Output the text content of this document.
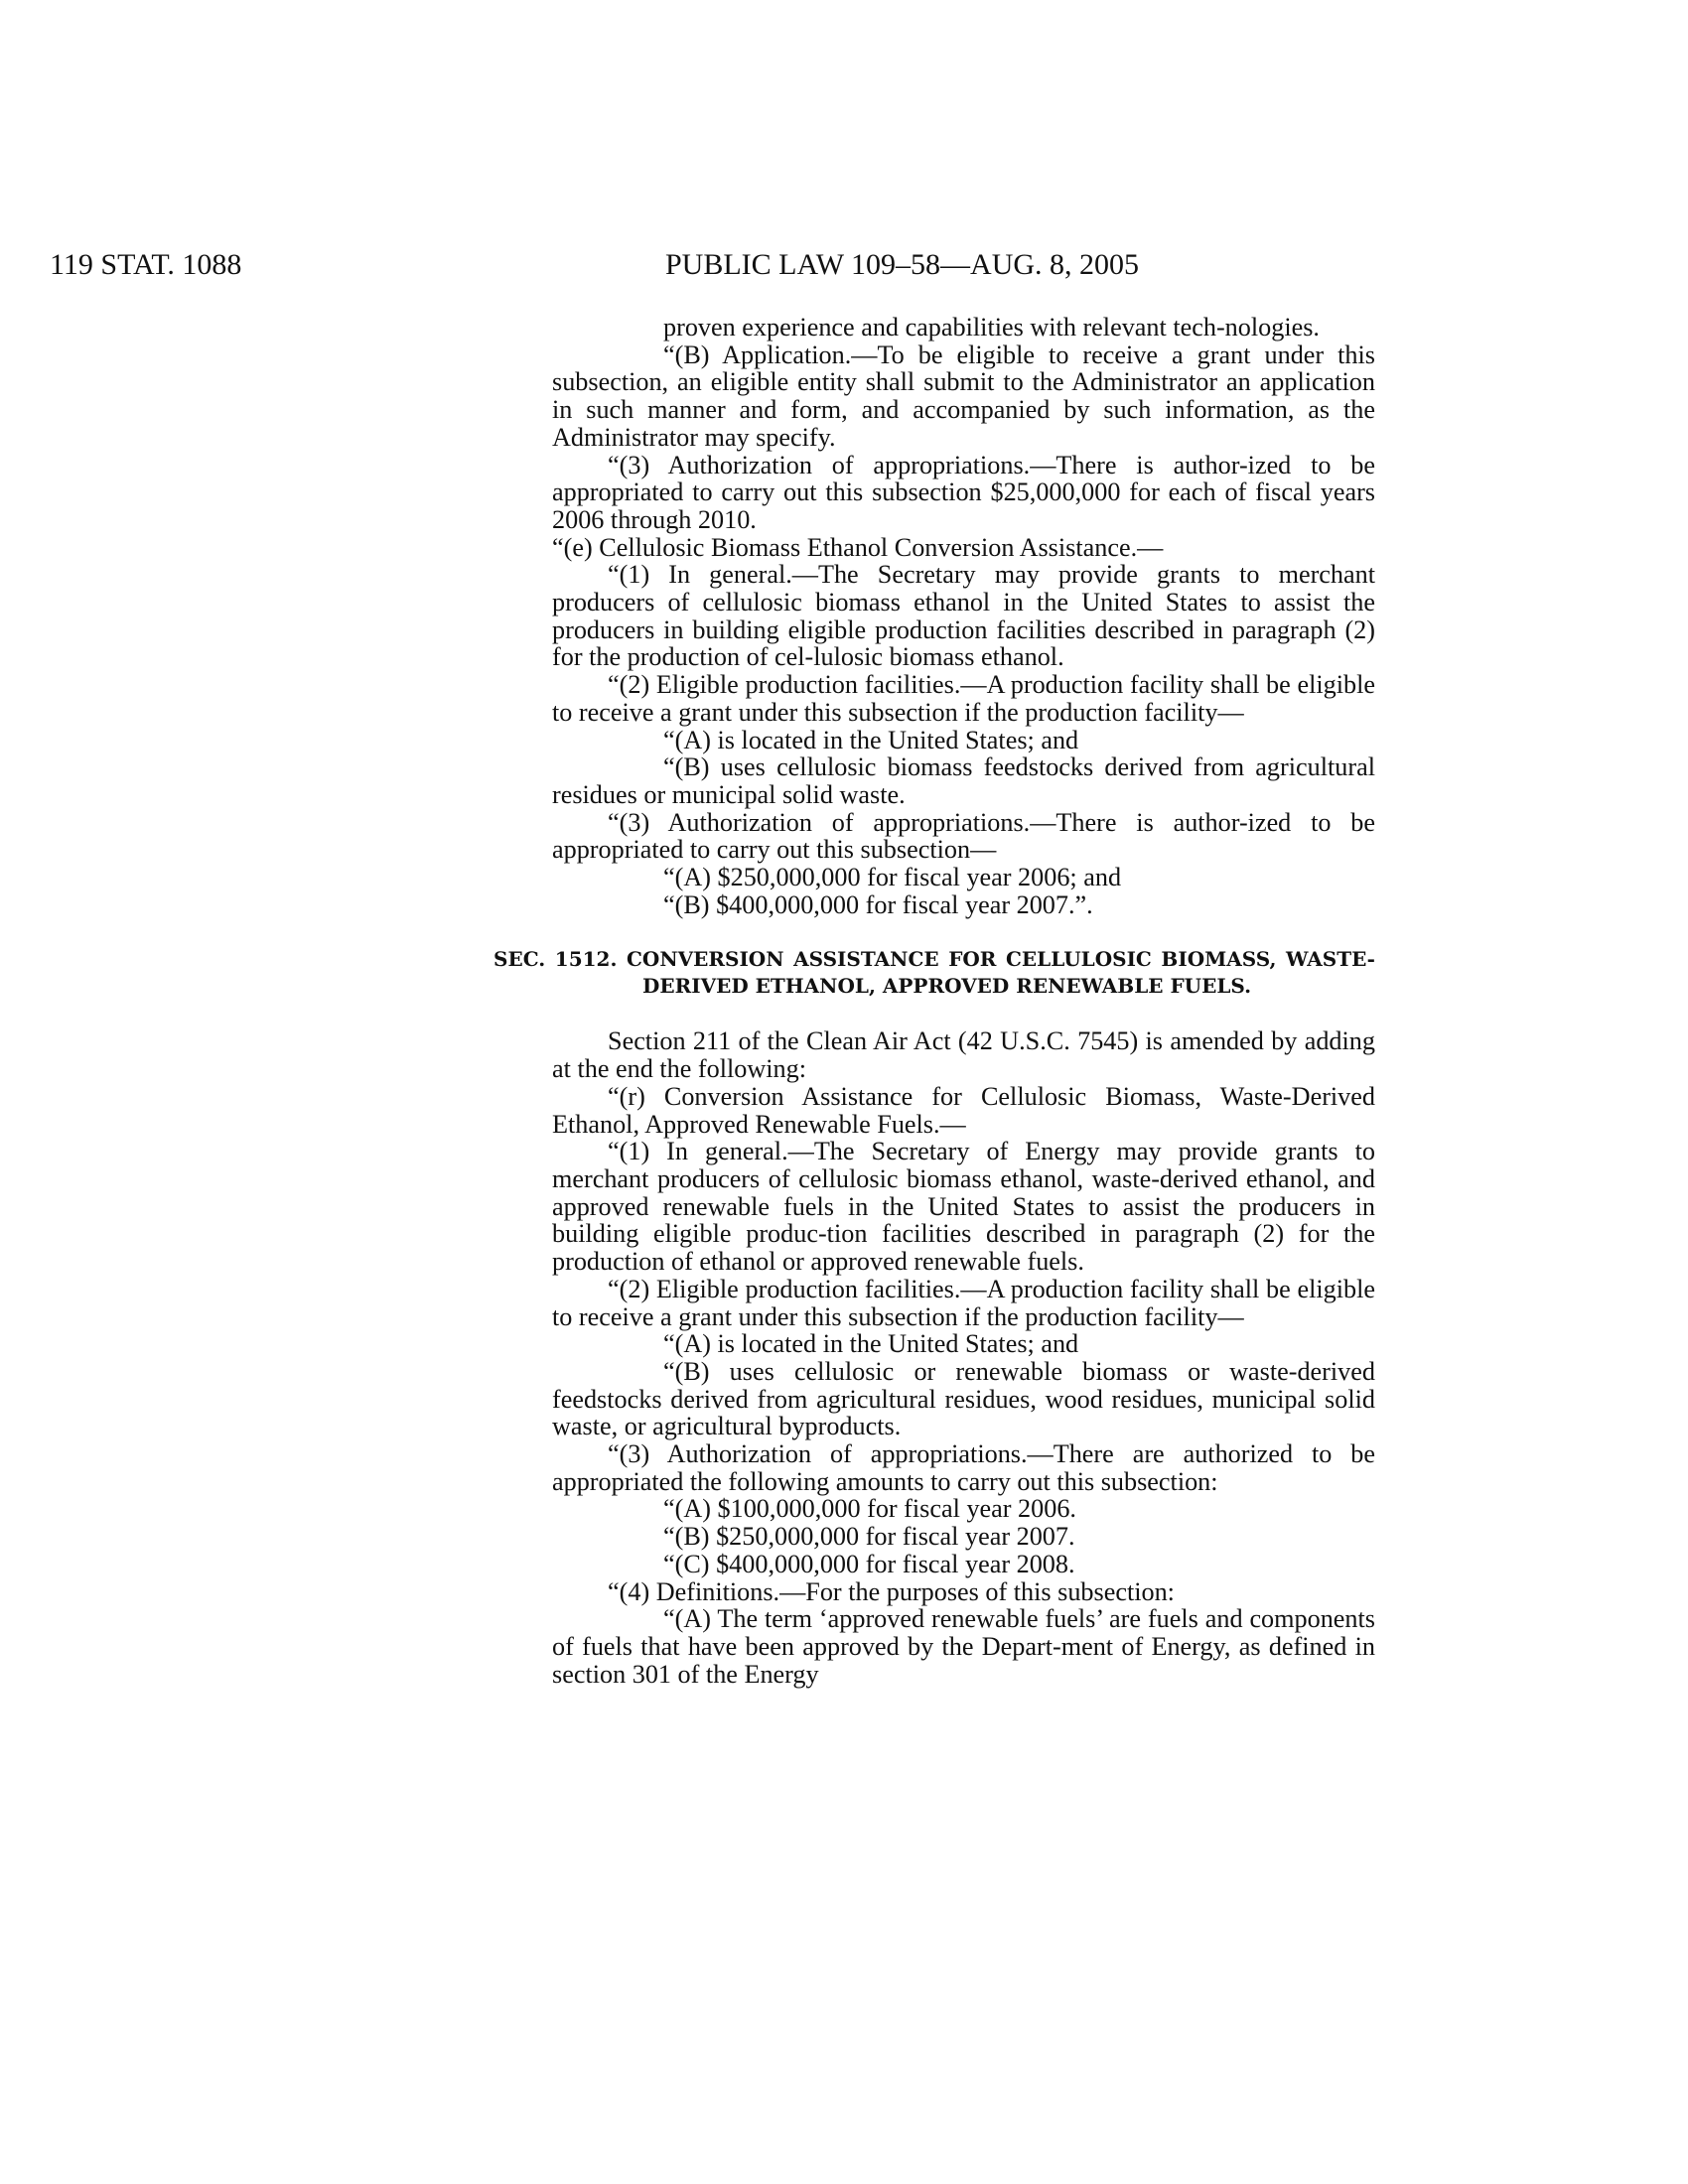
119 STAT. 1088	PUBLIC LAW 109–58—AUG. 8, 2005

proven experience and capabilities with relevant tech-nologies.

“(B) Application.—To be eligible to receive a grant under this subsection, an eligible entity shall submit to the Administrator an application in such manner and form, and accompanied by such information, as the Administrator may specify.

“(3) Authorization of appropriations.—There is author-ized to be appropriated to carry out this subsection $25,000,000 for each of fiscal years 2006 through 2010.

“(e) Cellulosic Biomass Ethanol Conversion Assistance.—

“(1) In general.—The Secretary may provide grants to merchant producers of cellulosic biomass ethanol in the United States to assist the producers in building eligible production facilities described in paragraph (2) for the production of cel-lulosic biomass ethanol.

“(2) Eligible production facilities.—A production facility shall be eligible to receive a grant under this subsection if the production facility—

“(A) is located in the United States; and

“(B) uses cellulosic biomass feedstocks derived from agricultural residues or municipal solid waste.

“(3) Authorization of appropriations.—There is author-ized to be appropriated to carry out this subsection—

“(A) $250,000,000 for fiscal year 2006; and

“(B) $400,000,000 for fiscal year 2007.”.

SEC. 1512. CONVERSION ASSISTANCE FOR CELLULOSIC BIOMASS, WASTE-DERIVED ETHANOL, APPROVED RENEWABLE FUELS.

Section 211 of the Clean Air Act (42 U.S.C. 7545) is amended by adding at the end the following:

“(r) Conversion Assistance for Cellulosic Biomass, Waste-Derived Ethanol, Approved Renewable Fuels.—

“(1) In general.—The Secretary of Energy may provide grants to merchant producers of cellulosic biomass ethanol, waste-derived ethanol, and approved renewable fuels in the United States to assist the producers in building eligible produc-tion facilities described in paragraph (2) for the production of ethanol or approved renewable fuels.

“(2) Eligible production facilities.—A production facility shall be eligible to receive a grant under this subsection if the production facility—

“(A) is located in the United States; and

“(B) uses cellulosic or renewable biomass or waste-derived feedstocks derived from agricultural residues, wood residues, municipal solid waste, or agricultural byproducts.

“(3) Authorization of appropriations.—There are authorized to be appropriated the following amounts to carry out this subsection:

“(A) $100,000,000 for fiscal year 2006.

“(B) $250,000,000 for fiscal year 2007.

“(C) $400,000,000 for fiscal year 2008.

“(4) Definitions.—For the purposes of this subsection:

“(A) The term ‘approved renewable fuels’ are fuels and components of fuels that have been approved by the Depart-ment of Energy, as defined in section 301 of the Energy
